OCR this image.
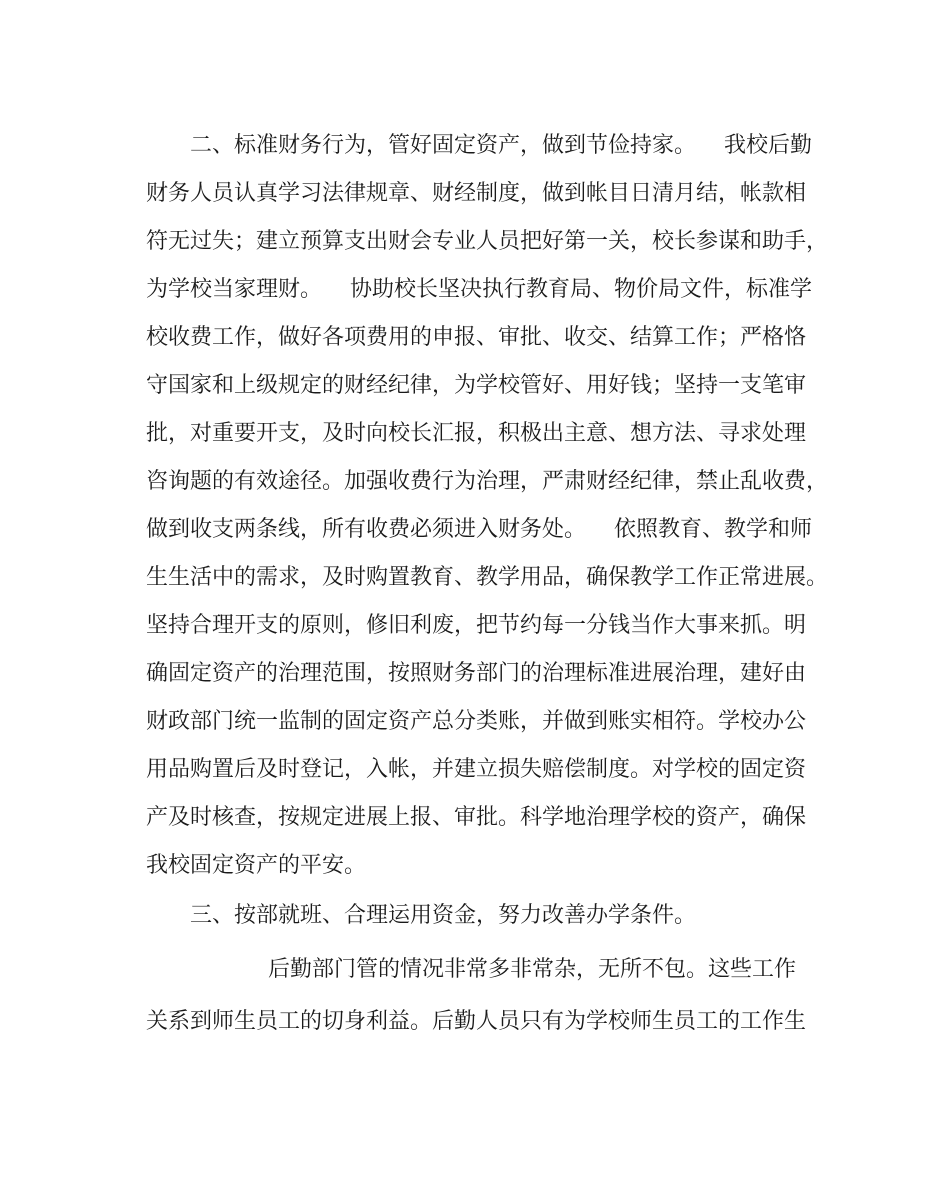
二、标准财务行为，管好固定资产，做到节俭持家。    我校后勤

财务人员认真学习法律规章、财经制度，做到帐目日清月结，帐款相

符无过失；建立预算支出财会专业人员把好第一关，校长参谋和助手，

为学校当家理财。    协助校长坚决执行教育局、物价局文件，标准学

校收费工作，做好各项费用的申报、审批、收交、结算工作；严格恪

守国家和上级规定的财经纪律，为学校管好、用好钱；坚持一支笔审

批，对重要开支，及时向校长汇报，积极出主意、想方法、寻求处理

咨询题的有效途径。加强收费行为治理，严肃财经纪律，禁止乱收费，

做到收支两条线，所有收费必须进入财务处。    依照教育、教学和师

生生活中的需求，及时购置教育、教学用品，确保教学工作正常进展。

坚持合理开支的原则，修旧利废，把节约每一分钱当作大事来抓。明

确固定资产的治理范围，按照财务部门的治理标准进展治理，建好由

财政部门统一监制的固定资产总分类账，并做到账实相符。学校办公

用品购置后及时登记，入帐，并建立损失赔偿制度。对学校的固定资

产及时核查，按规定进展上报、审批。科学地治理学校的资产，确保

我校固定资产的平安。

三、按部就班、合理运用资金，努力改善办学条件。

后勤部门管的情况非常多非常杂，无所不包。这些工作

关系到师生员工的切身利益。后勤人员只有为学校师生员工的工作生
